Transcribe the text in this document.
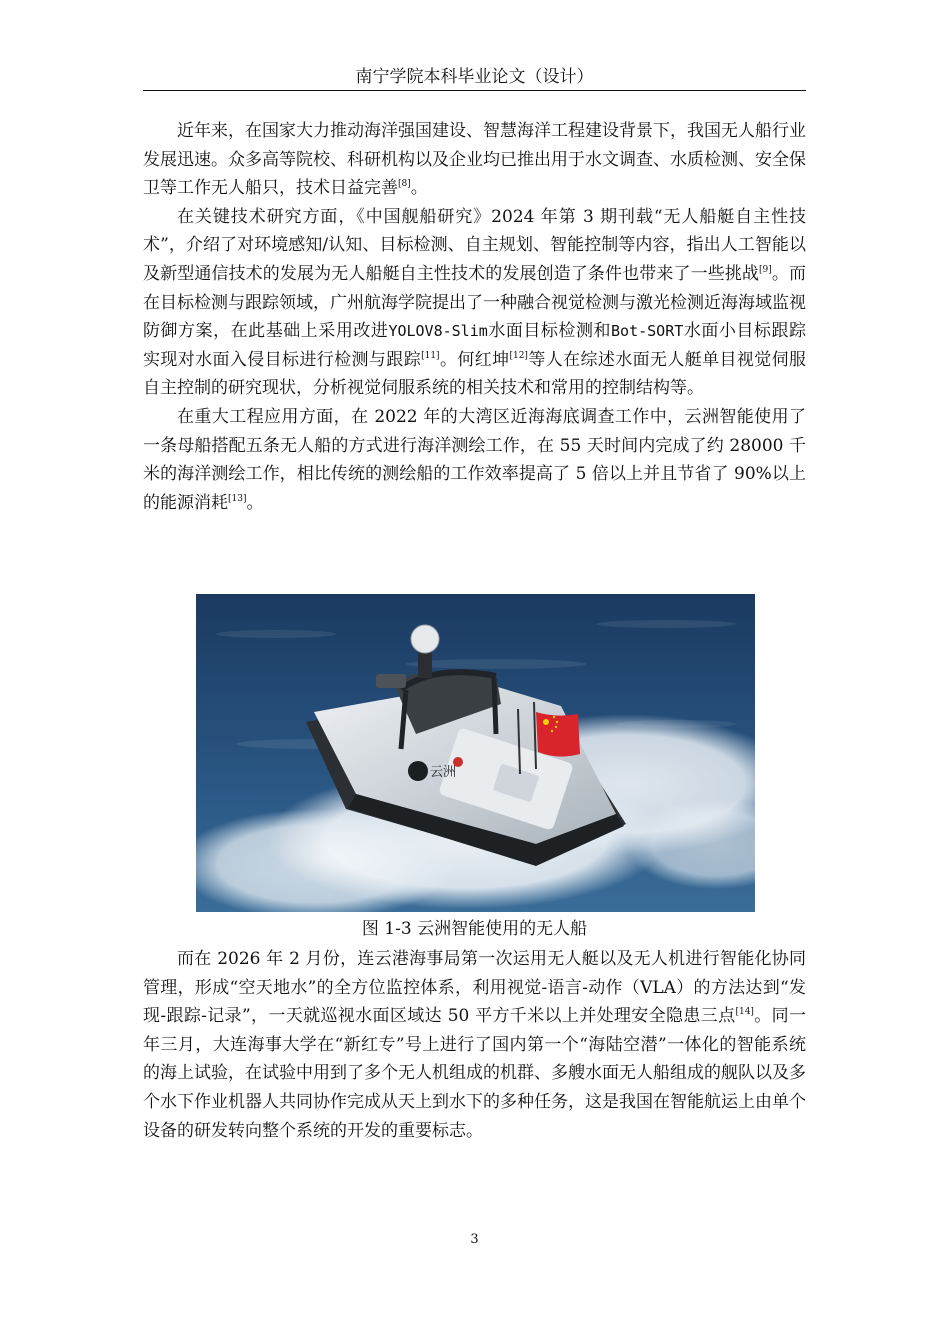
南宁学院本科毕业论文（设计）

近年来，在国家大力推动海洋强国建设、智慧海洋工程建设背景下，我国无人船行业发展迅速。众多高等院校、科研机构以及企业均已推出用于水文调查、水质检测、安全保卫等工作无人船只，技术日益完善[8]。

在关键技术研究方面，《中国舰船研究》2024 年第 3 期刊载“无人船艇自主性技术”，介绍了对环境感知/认知、目标检测、自主规划、智能控制等内容，指出人工智能以及新型通信技术的发展为无人船艇自主性技术的发展创造了条件也带来了一些挑战[9]。而在目标检测与跟踪领域，广州航海学院提出了一种融合视觉检测与激光检测近海海域监视防御方案，在此基础上采用改进YOLOV8-Slim水面目标检测和Bot-SORT水面小目标跟踪实现对水面入侵目标进行检测与跟踪[11]。何红坤[12]等人在综述水面无人艇单目视觉伺服自主控制的研究现状，分析视觉伺服系统的相关技术和常用的控制结构等。

在重大工程应用方面，在 2022 年的大湾区近海海底调查工作中，云洲智能使用了一条母船搭配五条无人船的方式进行海洋测绘工作，在 55 天时间内完成了约 28000 千米的海洋测绘工作，相比传统的测绘船的工作效率提高了 5 倍以上并且节省了 90%以上的能源消耗[13]。

云洲
图 1-3 云洲智能使用的无人船

而在 2026 年 2 月份，连云港海事局第一次运用无人艇以及无人机进行智能化协同管理，形成“空天地水”的全方位监控体系，利用视觉-语言-动作（VLA）的方法达到“发现-跟踪-记录”，一天就巡视水面区域达 50 平方千米以上并处理安全隐患三点[14]。同一年三月，大连海事大学在“新红专”号上进行了国内第一个“海陆空潜”一体化的智能系统的海上试验，在试验中用到了多个无人机组成的机群、多艘水面无人船组成的舰队以及多个水下作业机器人共同协作完成从天上到水下的多种任务，这是我国在智能航运上由单个设备的研发转向整个系统的开发的重要标志。

3
